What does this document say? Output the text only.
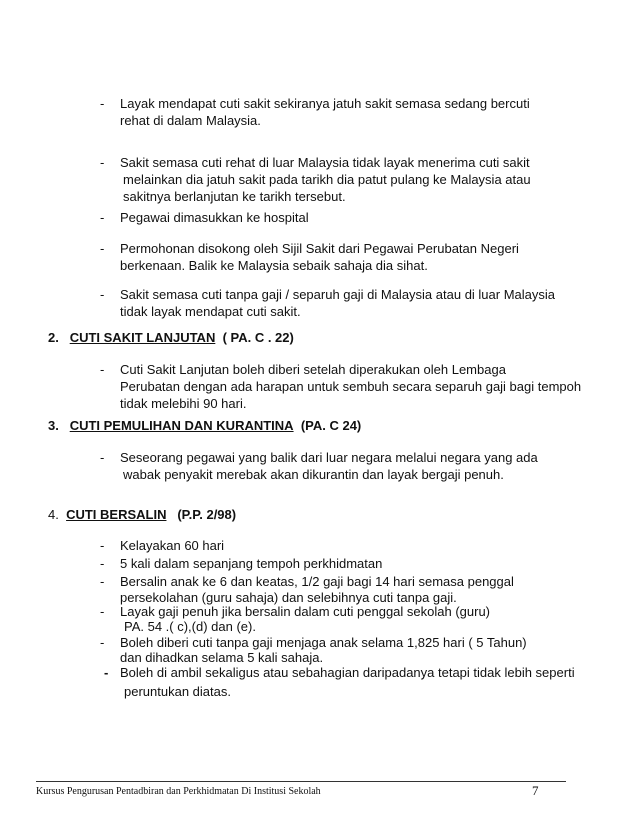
- Layak mendapat cuti sakit sekiranya jatuh sakit semasa sedang bercuti
rehat di dalam Malaysia.
- Sakit semasa cuti rehat di luar Malaysia tidak layak menerima cuti sakit
melainkan dia jatuh sakit pada tarikh dia patut pulang ke Malaysia atau
sakitnya berlanjutan ke tarikh tersebut.
- Pegawai dimasukkan ke hospital
- Permohonan disokong oleh Sijil Sakit dari Pegawai Perubatan Negeri
berkenaan. Balik ke Malaysia sebaik sahaja dia sihat.
- Sakit semasa cuti tanpa gaji / separuh gaji di Malaysia atau di luar Malaysia
tidak layak mendapat cuti sakit.
2. CUTI SAKIT LANJUTAN ( PA. C . 22)
- Cuti Sakit Lanjutan boleh diberi setelah diperakukan oleh Lembaga
Perubatan dengan ada harapan untuk sembuh secara separuh gaji bagi tempoh
tidak melebihi 90 hari.
3. CUTI PEMULIHAN DAN KURANTINA (PA. C 24)
- Seseorang pegawai yang balik dari luar negara melalui negara yang ada
wabak penyakit merebak akan dikurantin dan layak bergaji penuh.
4. CUTI BERSALIN (P.P. 2/98)
- Kelayakan 60 hari
- 5 kali dalam sepanjang tempoh perkhidmatan
- Bersalin anak ke 6 dan keatas, 1/2 gaji bagi 14 hari semasa penggal
persekolahan (guru sahaja) dan selebihnya cuti tanpa gaji.
- Layak gaji penuh jika bersalin dalam cuti penggal sekolah (guru)
PA. 54 .( c),(d) dan (e).
- Boleh diberi cuti tanpa gaji menjaga anak selama 1,825 hari ( 5 Tahun)
dan dihadkan selama 5 kali sahaja.
- Boleh di ambil sekaligus atau sebahagian daripadanya tetapi tidak lebih seperti
peruntukan diatas.
Kursus Pengurusan Pentadbiran dan Perkhidmatan Di Institusi Sekolah	7
